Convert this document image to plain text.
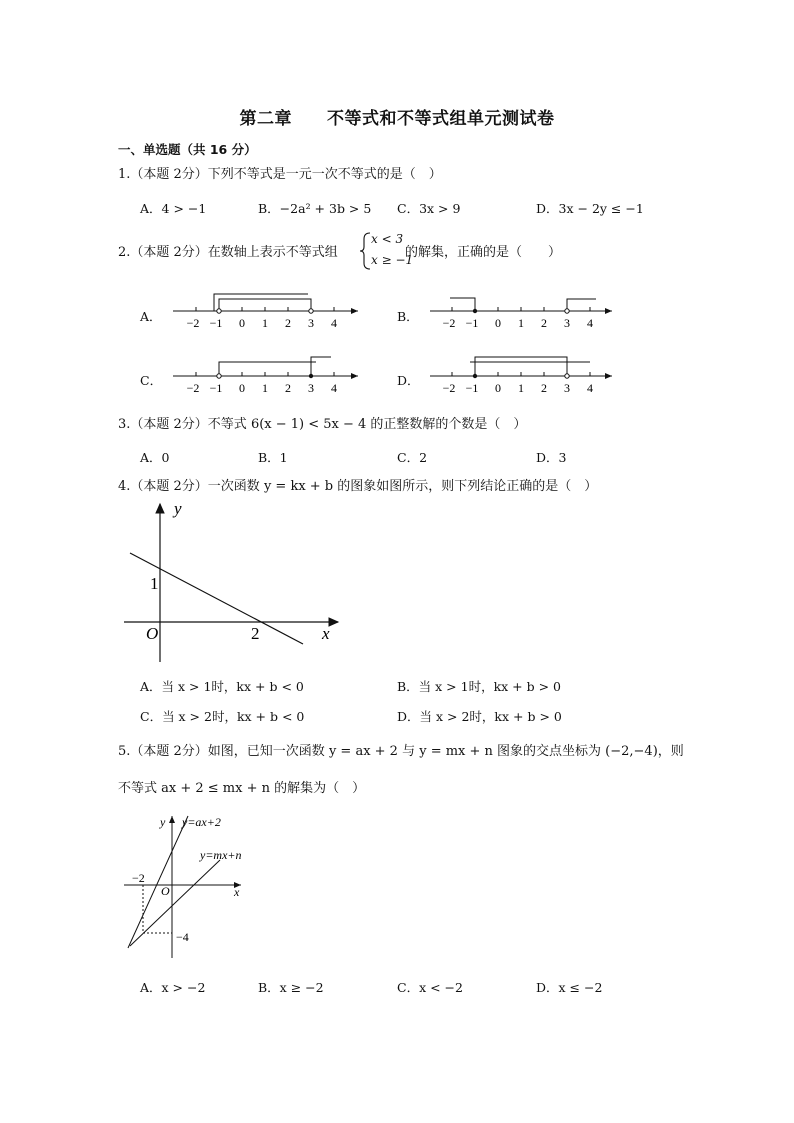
第二章　　不等式和不等式组单元测试卷
一、单选题（共 16 分）
1.（本题 2分）下列不等式是一元一次不等式的是（　）
A．4 > −1	B．−2a² + 3b > 5 C．3x > 9	D．3x − 2y ≤ −1
2.（本题 2分）在数轴上表示不等式组
x < 3
x ≥ −1
的解集，正确的是（　　）
A．	B．
C．	D．
−2 −1 0 1 2 3 4	−2 −1 0 1 2 3 4
−2 −1 0 1 2 3 4	−2 −1 0 1 2 3 4
3.（本题 2分）不等式 6(x − 1) < 5x − 4 的正整数解的个数是（　）
A．0	B．1	C．2	D．3
4.（本题 2分）一次函数 y = kx + b 的图象如图所示，则下列结论正确的是（　）
y
x
O
1
2
A．当 x > 1时，kx + b < 0	B．当 x > 1时，kx + b > 0
C．当 x > 2时，kx + b < 0	D．当 x > 2时，kx + b > 0
5.（本题 2分）如图，已知一次函数 y = ax + 2 与 y = mx + n 图象的交点坐标为 (−2,−4)，则
不等式 ax + 2 ≤ mx + n 的解集为（　）
y
x
O
y=ax+2
y=mx+n
−2
−4
A．x > −2	B．x ≥ −2	C．x < −2	D．x ≤ −2
